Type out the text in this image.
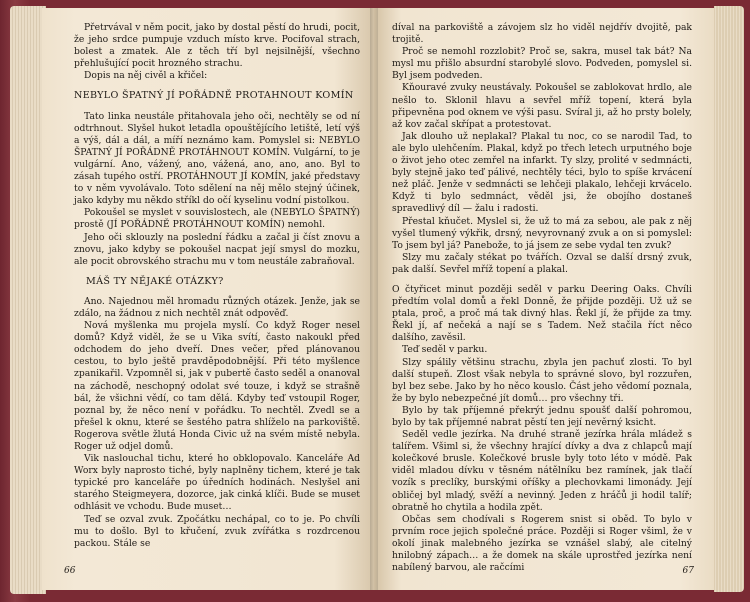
Přetrvával v něm pocit, jako by dostal pěstí do hrudi, pocit, že jeho srdce pumpuje vzduch místo krve. Pocifoval strach, bolest a zmatek. Ale z těch tří byl nejsilnější, všechno přehlušující pocit hrozného strachu.

Dopis na něj civěl a křičel:

NEBYLO ŠPATNÝ JÍ POŘÁDNĚ PROTAHNOUT KOMÍN

Tato linka neustále přitahovala jeho oči, nechtěly se od ní odtrhnout. Slyšel hukot letadla opouštějícího letiště, letí výš a výš, dál a dál, a míří neznámo kam. Pomyslel si: NEBYLO ŠPATNÝ JÍ POŘÁDNĚ PROTÁHNOUT KOMÍN. Vulgární, to je vulgární. Ano, vážený, ano, vážená, ano, ano, ano. Byl to zásah tupého ostří. PROTÁHNOUT JÍ KOMÍN, jaké představy to v něm vyvolávalo. Toto sdělení na něj mělo stejný účinek, jako kdyby mu někdo stříkl do očí kyselinu vodní pistolkou.

Pokoušel se myslet v souvislostech, ale (NEBYLO ŠPATNÝ) prostě (JÍ POŘÁDNĚ PROTÁHNOUT KOMÍN) nemohl.

Jeho oči sklouzly na poslední řádku a začal ji číst znovu a znovu, jako kdyby se pokoušel nacpat její smysl do mozku, ale pocit obrovského strachu mu v tom neustále zabraňoval.

MÁŠ TY NĚJAKÉ OTÁZKY?

Ano. Najednou měl hromadu různých otázek. Jenže, jak se zdálo, na žádnou z nich nechtěl znát odpověď.

Nová myšlenka mu projela myslí. Co když Roger nesel domů? Když viděl, že se u Vika svítí, často nakoukl před odchodem do jeho dveří. Dnes večer, před plánovanou cestou, to bylo ještě pravděpodobnější. Při této myšlence zpanikařil. Vzpomněl si, jak v pubertě často seděl a onanoval na záchodě, neschopný odolat své touze, i když se strašně bál, že všichni vědí, co tam dělá. Kdyby teď vstoupil Roger, poznal by, že něco není v pořádku. To nechtěl. Zvedl se a přešel k oknu, které se šestého patra shlíželo na parkoviště. Rogerova světle žlutá Honda Civic už na svém místě nebyla. Roger už odjel domů.

Vik naslouchal tichu, které ho obklopovalo. Kanceláře Ad Worx byly naprosto tiché, byly naplněny tichem, které je tak typické pro kanceláře po úředních hodinách. Neslyšel ani starého Steigmeyera, dozorce, jak cinká klíči. Bude se muset odhlásit ve vchodu. Bude muset…

Teď se ozval zvuk. Zpočátku nechápal, co to je. Po chvíli mu to došlo. Byl to křučení, zvuk zvířátka s rozdrcenou packou. Stále se

66

díval na parkoviště a závojem slz ho viděl nejdřív dvojitě, pak trojitě.

Proč se nemohl rozzlobit? Proč se, sakra, musel tak bát? Na mysl mu přišlo absurdní starobylé slovo. Podveden, pomyslel si. Byl jsem podveden.

Kňouravé zvuky neustávaly. Pokoušel se zablokovat hrdlo, ale nešlo to. Sklonil hlavu a sevřel mříž topení, která byla připevněna pod oknem ve výši pasu. Svíral ji, až ho prsty bolely, až kov začal skřípat a protestovat.

Jak dlouho už neplakal? Plakal tu noc, co se narodil Tad, to ale bylo ulehčením. Plakal, když po třech letech urputného boje o život jeho otec zemřel na infarkt. Ty slzy, prolité v sedmnácti, byly stejně jako teď pálivé, nechtěly téci, bylo to spíše krvácení než pláč. Jenže v sedmnácti se lehčeji plakalo, lehčeji krvácelo. Když ti bylo sedmnáct, věděl jsi, že obojího dostaneš spravedlivý díl — žalu i radosti.

Přestal kňučet. Myslel si, že už to má za sebou, ale pak z něj vyšel tlumený výkřik, drsný, nevyrovnaný zvuk a on si pomyslel: To jsem byl já? Panebože, to já jsem ze sebe vydal ten zvuk?

Slzy mu začaly stékat po tvářích. Ozval se další drsný zvuk, pak další. Sevřel mříž topení a plakal.

O čtyřicet minut později seděl v parku Deering Oaks. Chvíli předtím volal domů a řekl Donně, že přijde později. Už už se ptala, proč, a proč má tak divný hlas. Řekl jí, že přijde za tmy. Řekl jí, af nečeká a nají se s Tadem. Než stačila říct něco dalšího, zavěsil.

Teď seděl v parku.

Slzy spálily většinu strachu, zbyla jen pachuť zlosti. To byl další stupeň. Zlost však nebyla to správné slovo, byl rozzuřen, byl bez sebe. Jako by ho něco kouslo. Část jeho vědomí poznala, že by bylo nebezpečné jít domů… pro všechny tři.

Bylo by tak příjemné překrýt jednu spoušť další pohromou, bylo by tak příjemné nabrat pěstí ten její nevěrný ksicht.

Seděl vedle jezírka. Na druhé straně jezírka hrála mládež s talířem. Všiml si, že všechny hrající dívky a dva z chlapců mají kolečkové brusle. Kolečkové brusle byly toto léto v módě. Pak viděl mladou dívku v těsném nátělníku bez ramínek, jak tlačí vozík s preclíky, burskými oříšky a plechovkami limonády. Její obličej byl mladý, svěží a nevinný. Jeden z hráčů ji hodil talíř; obratně ho chytila a hodila zpět.

Občas sem chodívali s Rogerem snist si oběd. To bylo v prvním roce jejich společné práce. Později si Roger všiml, že v okolí jinak malebného jezírka se vznášel slabý, ale citelný hnilobný zápach… a že domek na skále uprostřed jezírka není nabílený barvou, ale račcími	67
